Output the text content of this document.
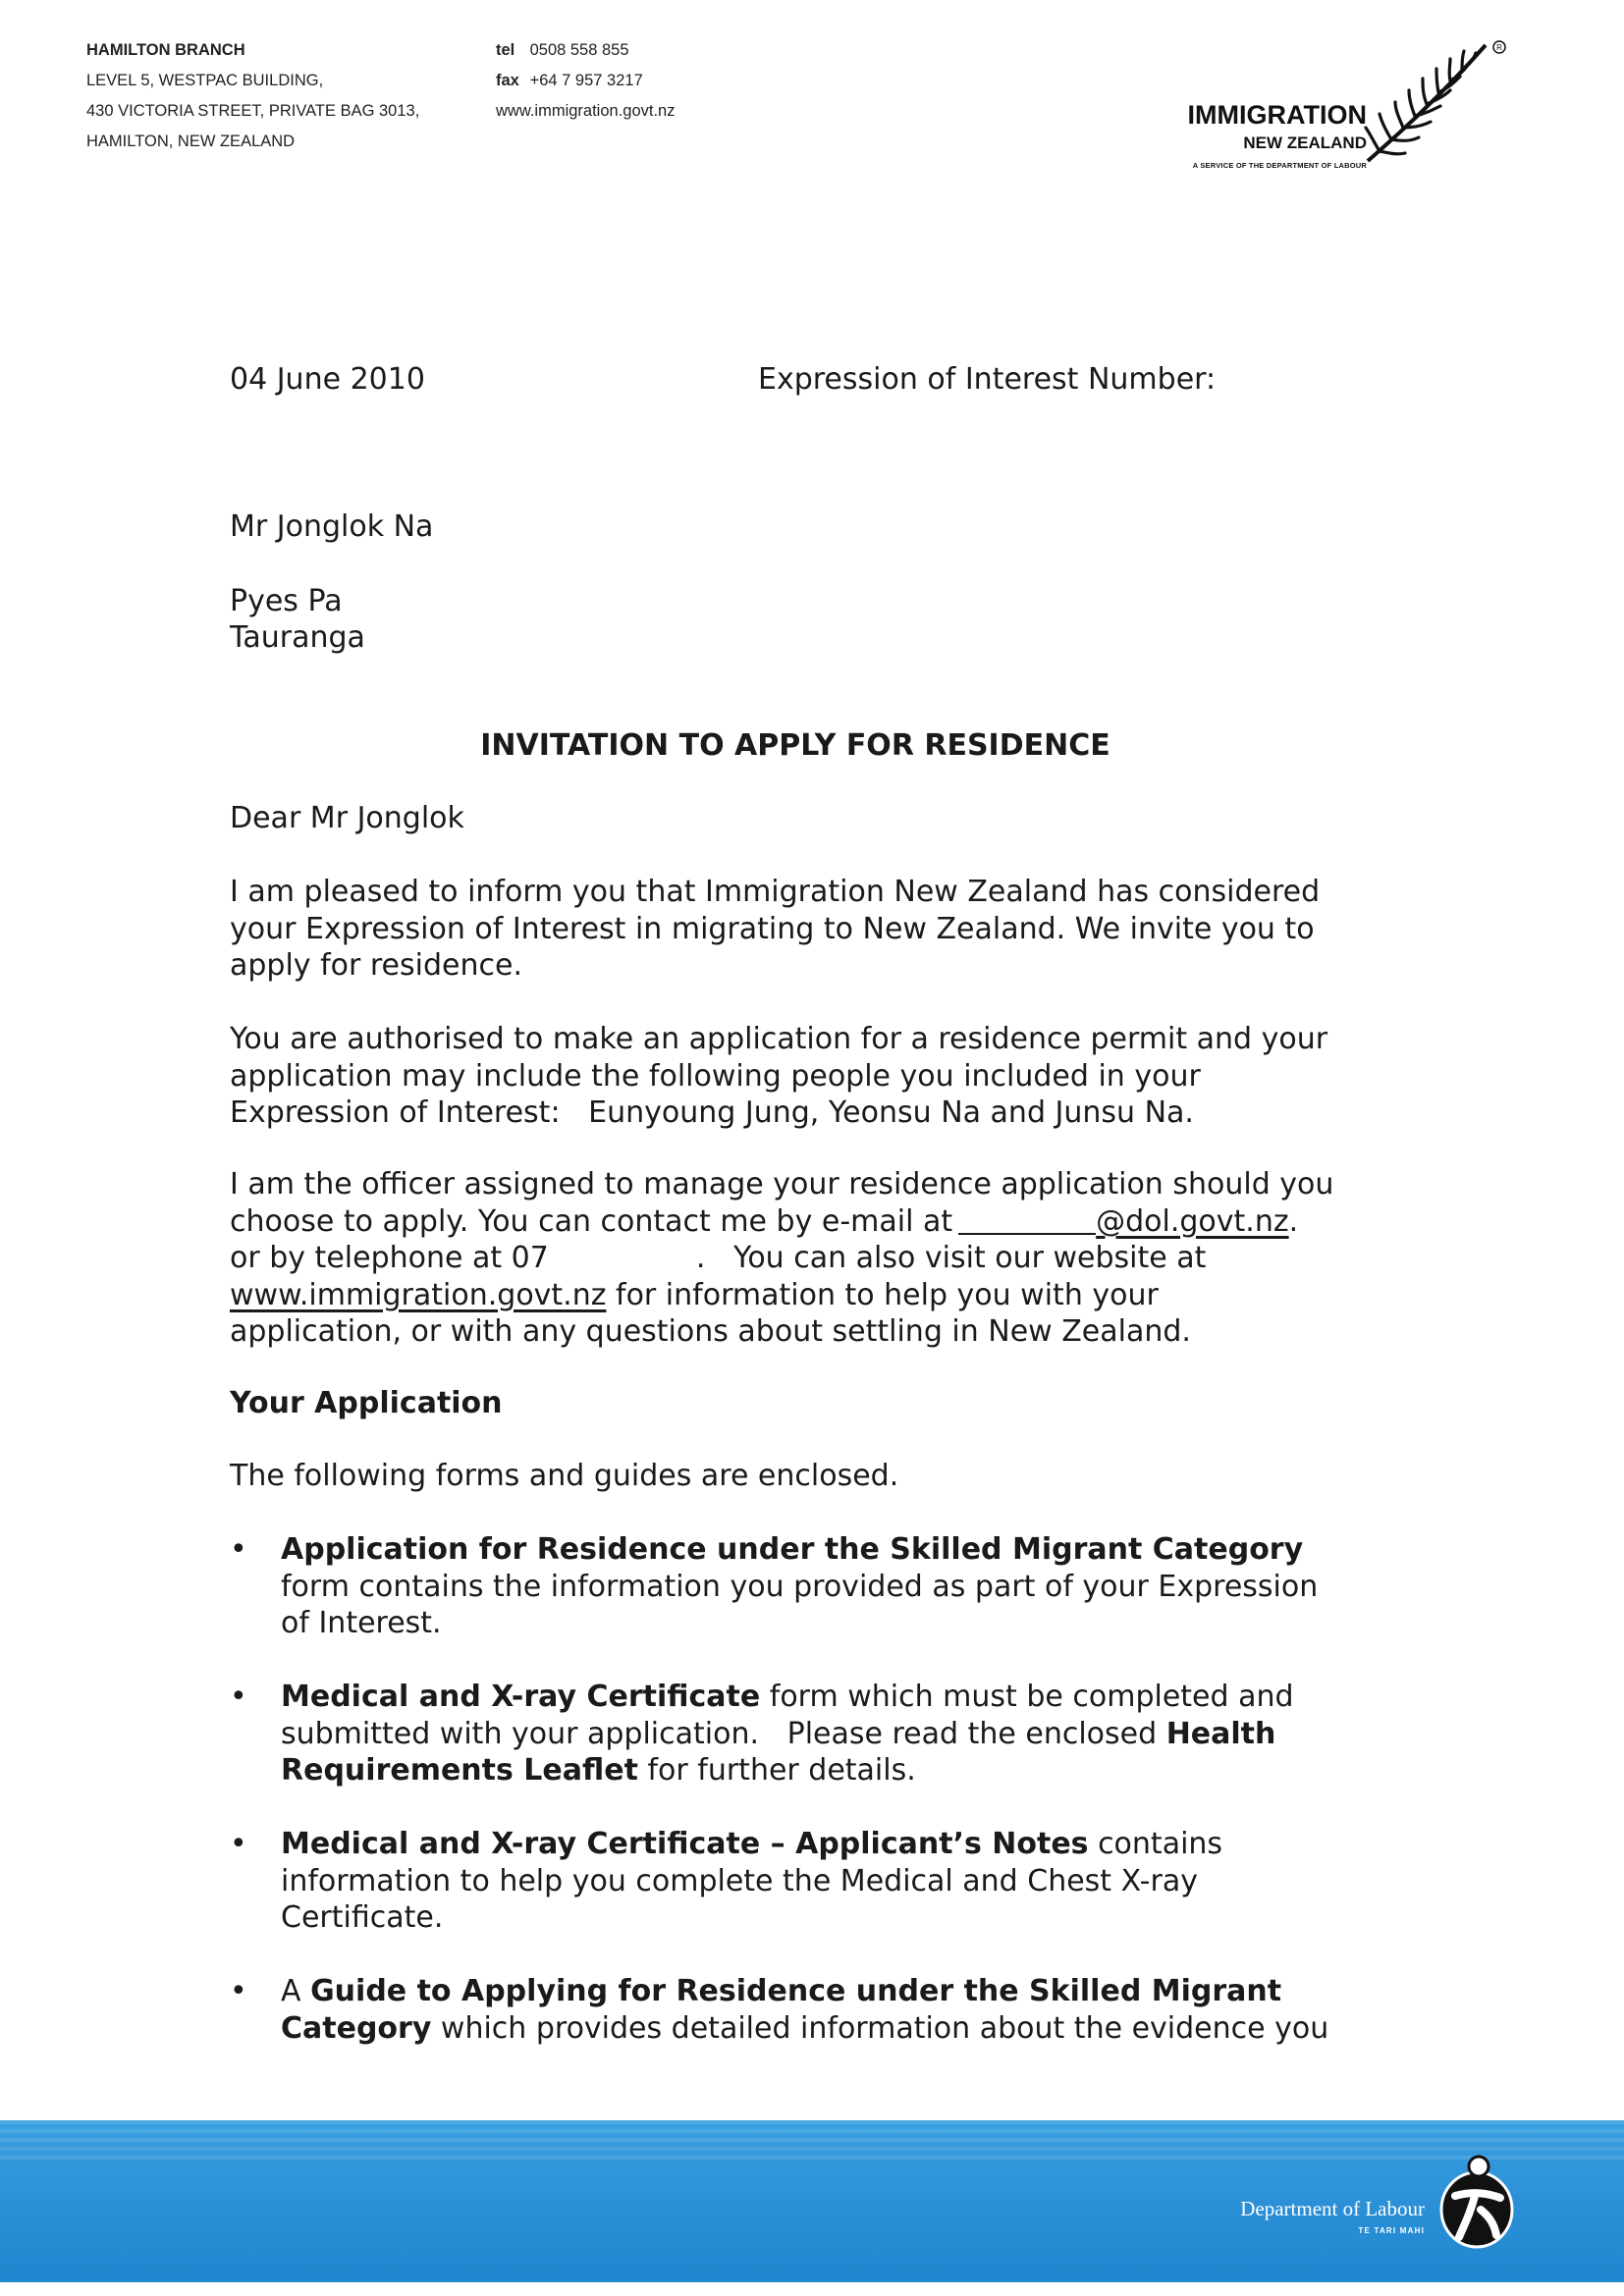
HAMILTON BRANCH
LEVEL 5, WESTPAC BUILDING,
430 VICTORIA STREET, PRIVATE BAG 3013,
HAMILTON, NEW ZEALAND
tel 0508 558 855
fax +64 7 957 3217
www.immigration.govt.nz	IMMIGRATION
NEW ZEALAND
A SERVICE OF THE DEPARTMENT OF LABOUR
R
04 June 2010	Expression of Interest Number:
Mr Jonglok Na
Pyes Pa
Tauranga
INVITATION TO APPLY FOR RESIDENCE
Dear Mr Jonglok
I am pleased to inform you that Immigration New Zealand has considered
your Expression of Interest in migrating to New Zealand. We invite you to
apply for residence.
You are authorised to make an application for a residence permit and your
application may include the following people you included in your
Expression of Interest:   Eunyoung Jung, Yeonsu Na and Junsu Na.
I am the officer assigned to manage your residence application should you
choose to apply. You can contact me by e-mail at	@dol.govt.nz.
or by telephone at 07	.   You can also visit our website at
www.immigration.govt.nz for information to help you with your
application, or with any questions about settling in New Zealand.
Your Application
The following forms and guides are enclosed.
• Application for Residence under the Skilled Migrant Category
form contains the information you provided as part of your Expression
of Interest.
• Medical and X-ray Certificate form which must be completed and
submitted with your application.   Please read the enclosed Health
Requirements Leaflet for further details.
• Medical and X-ray Certificate – Applicant’s Notes contains
information to help you complete the Medical and Chest X-ray
Certificate.
• A Guide to Applying for Residence under the Skilled Migrant
Category which provides detailed information about the evidence you
Department of Labour
TE TARI MAHI
